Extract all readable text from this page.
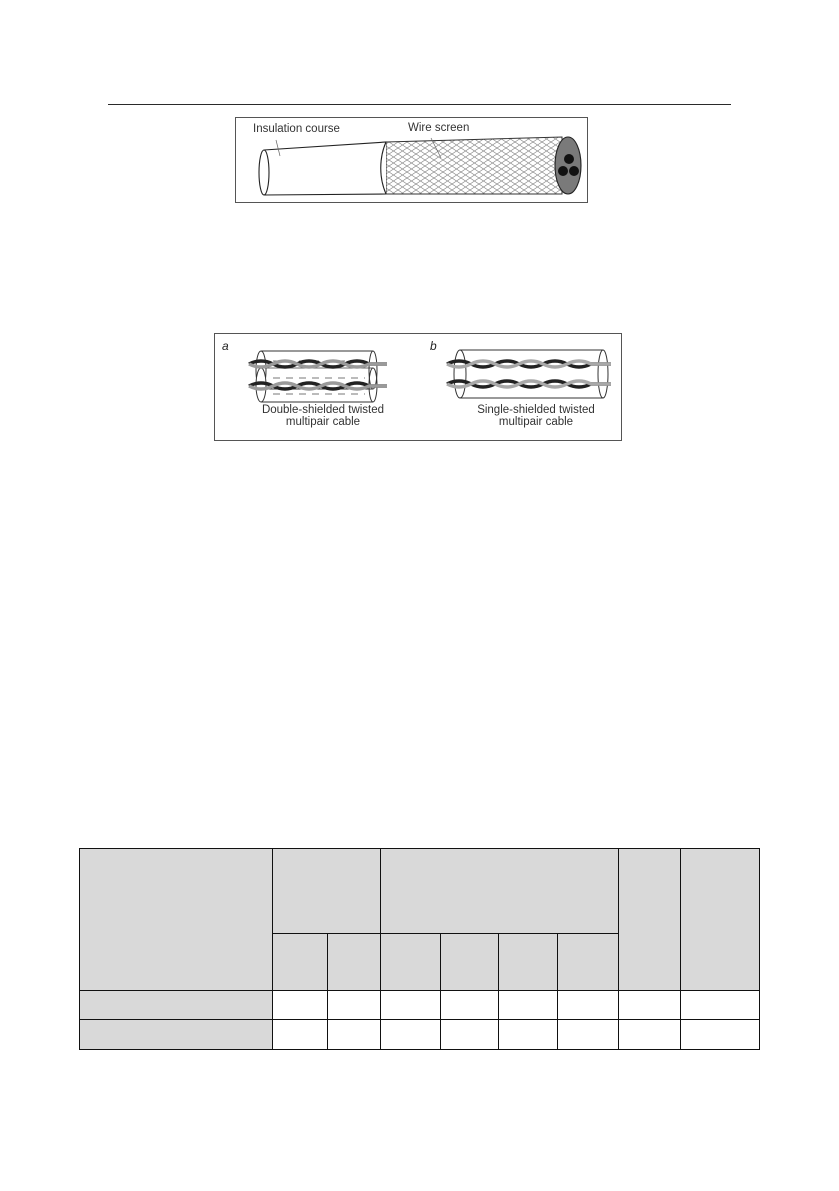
Insulation course	Wire screen
a	b
Double-shielded twisted
multipair cable
Single-shielded twisted
multipair cable
